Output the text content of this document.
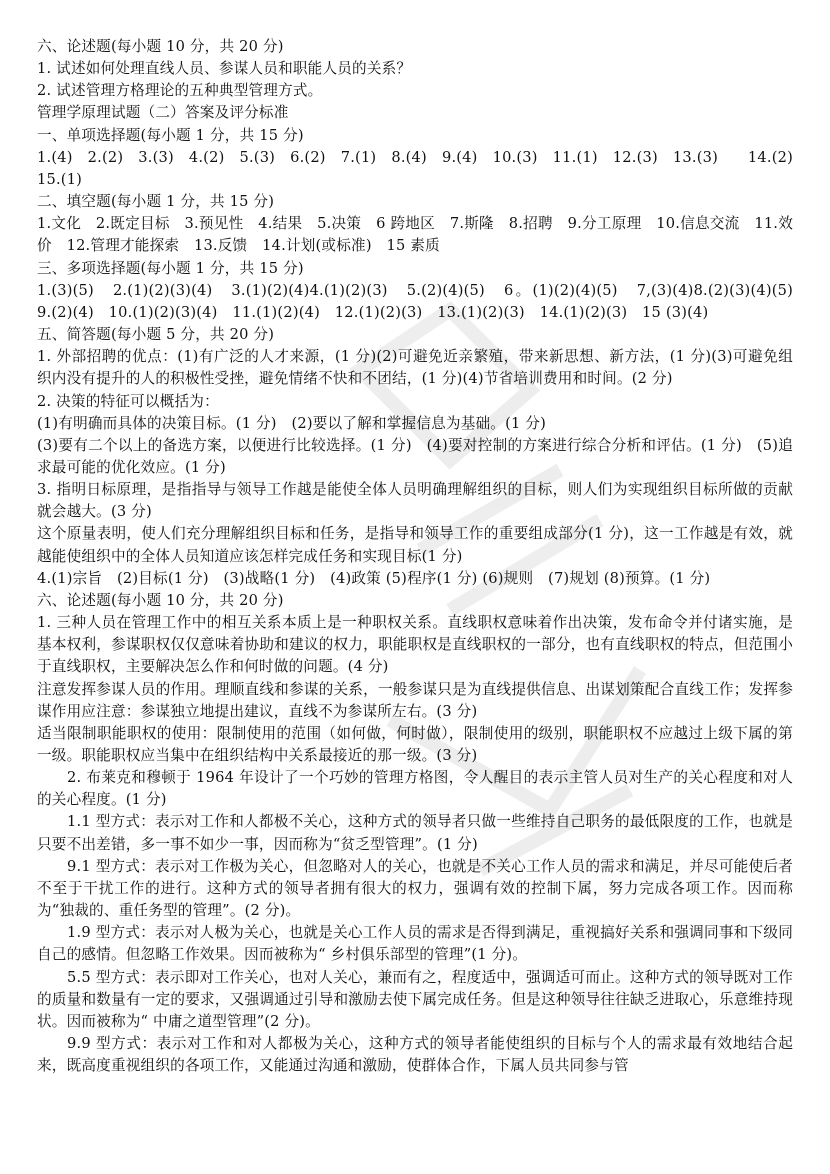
六、论述题(每小题 10 分，共 20 分)

1. 试述如何处理直线人员、参谋人员和职能人员的关系？

2. 试述管理方格理论的五种典型管理方式。

管理学原理试题（二）答案及评分标准

一、单项选择题(每小题 1 分，共 15 分)

1.(4)　2.(2)　3.(3)　4.(2)　5.(3)　6.(2)　7.(1)　8.(4)　9.(4)　10.(3)　11.(1)　12.(3)　13.(3)　　14.(2)　　15.(1)

二、填空题(每小题 1 分，共 15 分)

1.文化　2.既定目标　3.预见性　4.结果　5.决策　6 跨地区　7.斯隆　8.招聘　9.分工原理　10.信息交流　11.效价　12.管理才能探索　13.反馈　14.计划(或标准)　15 素质

三、多项选择题(每小题 1 分，共 15 分)

1.(3)(5)　2.(1)(2)(3)(4)　3.(1)(2)(4)4.(1)(2)(3)　5.(2)(4)(5)　6。(1)(2)(4)(5)　7,(3)(4)8.(2)(3)(4)(5)　9.(2)(4)　10.(1)(2)(3)(4)　11.(1)(2)(4)　12.(1)(2)(3)　13.(1)(2)(3)　14.(1)(2)(3)　15 (3)(4)

五、简答题(每小题 5 分，共 20 分)

1. 外部招聘的优点：(1)有广泛的人才来源，(1 分)(2)可避免近亲繁殖，带来新思想、新方法，(1 分)(3)可避免组织内没有提升的人的积极性受挫，避免情绪不快和不团结，(1 分)(4)节省培训费用和时间。(2 分)

2. 决策的特征可以概括为：

(1)有明确而具体的决策目标。(1 分)　(2)要以了解和掌握信息为基础。(1 分)

(3)要有二个以上的备选方案，以便进行比较选择。(1 分)　(4)要对控制的方案进行综合分析和评估。(1 分)　(5)追求最可能的优化效应。(1 分)

3. 指明日标原理，是指指导与领导工作越是能使全体人员明确理解组织的目标，则人们为实现组织目标所做的贡献就会越大。(3 分)

这个原量表明，使人们充分理解组织目标和任务，是指导和领导工作的重要组成部分(1 分)，这一工作越是有效，就越能使组织中的全体人员知道应该怎样完成任务和实现目标(1 分)

4.(1)宗旨　(2)目标(1 分)　(3)战略(1 分)　(4)政策 (5)程序(1 分) (6)规则　(7)规划 (8)预算。(1 分)

六、论述题(每小题 10 分，共 20 分)

1. 三种人员在管理工作中的相互关系本质上是一种职权关系。直线职权意味着作出决策，发布命令并付诸实施，是基本权利，参谋职权仅仅意味着协助和建议的权力，职能职权是直线职权的一部分，也有直线职权的特点，但范围小于直线职权，主要解决怎么作和何时做的问题。(4 分)

注意发挥参谋人员的作用。理顺直线和参谋的关系，一般参谋只是为直线提供信息、出谋划策配合直线工作；发挥参谋作用应注意：参谋独立地提出建议，直线不为参谋所左右。(3 分)

适当限制职能职权的使用：限制使用的范围（如何做，何时做），限制使用的级别，职能职权不应越过上级下属的第一级。职能职权应当集中在组织结构中关系最接近的那一级。(3 分)

2. 布莱克和穆顿于 1964 年设计了一个巧妙的管理方格图，令人醒目的表示主管人员对生产的关心程度和对人的关心程度。(1 分)

1.1 型方式：表示对工作和人都极不关心，这种方式的领导者只做一些维持自己职务的最低限度的工作，也就是只要不出差错，多一事不如少一事，因而称为“贫乏型管理”。(1 分)

9.1 型方式：表示对工作极为关心，但忽略对人的关心，也就是不关心工作人员的需求和满足，并尽可能使后者不至于干扰工作的进行。这种方式的领导者拥有很大的权力，强调有效的控制下属，努力完成各项工作。因而称为“独裁的、重任务型的管理”。(2 分)。

1.9 型方式：表示对人极为关心，也就是关心工作人员的需求是否得到满足，重视搞好关系和强调同事和下级同自己的感情。但忽略工作效果。因而被称为“ 乡村俱乐部型的管理”(1 分)。

5.5 型方式：表示即对工作关心，也对人关心，兼而有之，程度适中，强调适可而止。这种方式的领导既对工作的质量和数量有一定的要求，又强调通过引导和激励去使下属完成任务。但是这种领导往往缺乏进取心，乐意维持现状。因而被称为“ 中庸之道型管理”(2 分)。

9.9 型方式：表示对工作和对人都极为关心，这种方式的领导者能使组织的目标与个人的需求最有效地结合起来，既高度重视组织的各项工作，又能通过沟通和激励，使群体合作，下属人员共同参与管
